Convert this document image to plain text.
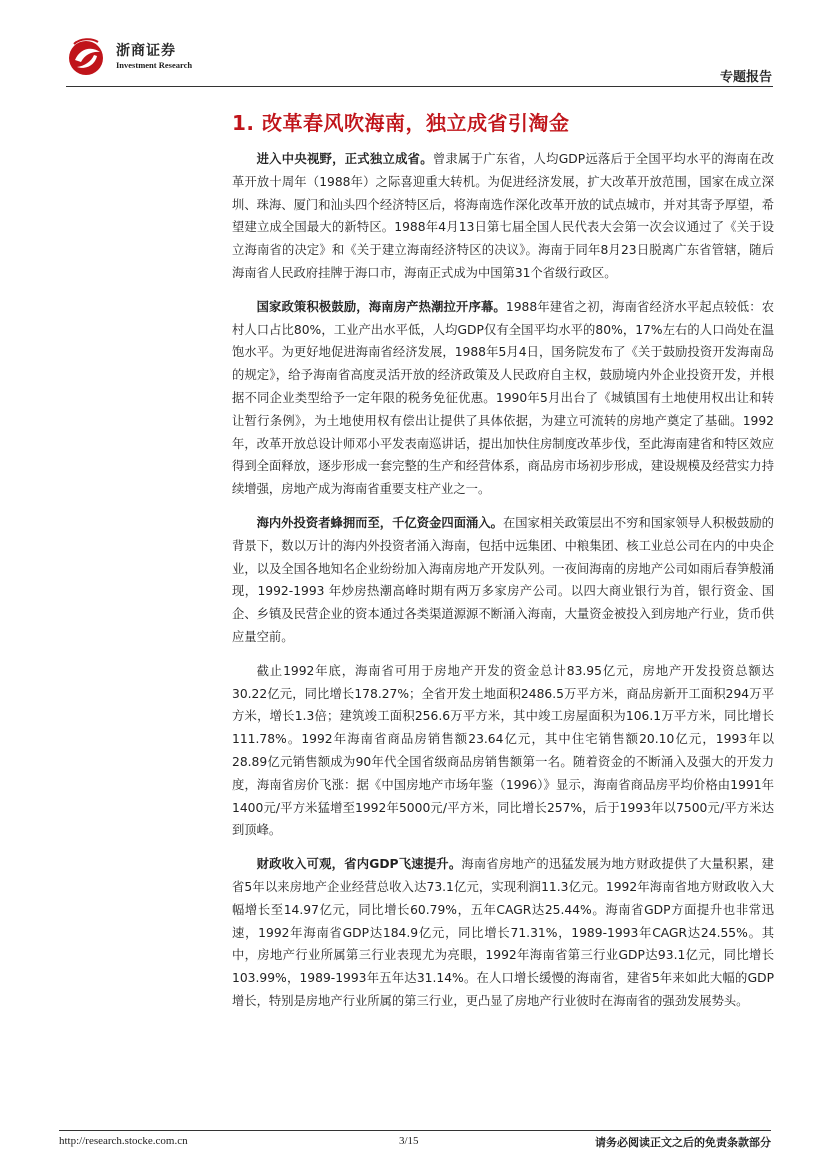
浙商证券
Investment Research
专题报告
1. 改革春风吹海南，独立成省引淘金

进入中央视野，正式独立成省。曾隶属于广东省，人均GDP远落后于全国平均水平的海南在改革开放十周年（1988年）之际喜迎重大转机。为促进经济发展，扩大改革开放范围，国家在成立深圳、珠海、厦门和汕头四个经济特区后，将海南选作深化改革开放的试点城市，并对其寄予厚望，希望建立成全国最大的新特区。1988年4月13日第七届全国人民代表大会第一次会议通过了《关于设立海南省的决定》和《关于建立海南经济特区的决议》。海南于同年8月23日脱离广东省管辖，随后海南省人民政府挂牌于海口市，海南正式成为中国第31个省级行政区。

国家政策积极鼓励，海南房产热潮拉开序幕。1988年建省之初，海南省经济水平起点较低：农村人口占比80%，工业产出水平低，人均GDP仅有全国平均水平的80%，17%左右的人口尚处在温饱水平。为更好地促进海南省经济发展，1988年5月4日，国务院发布了《关于鼓励投资开发海南岛的规定》，给予海南省高度灵活开放的经济政策及人民政府自主权，鼓励境内外企业投资开发，并根据不同企业类型给予一定年限的税务免征优惠。1990年5月出台了《城镇国有土地使用权出让和转让暂行条例》，为土地使用权有偿出让提供了具体依据，为建立可流转的房地产奠定了基础。1992年，改革开放总设计师邓小平发表南巡讲话，提出加快住房制度改革步伐，至此海南建省和特区效应得到全面释放，逐步形成一套完整的生产和经营体系，商品房市场初步形成，建设规模及经营实力持续增强，房地产成为海南省重要支柱产业之一。

海内外投资者蜂拥而至，千亿资金四面涌入。在国家相关政策层出不穷和国家领导人积极鼓励的背景下，数以万计的海内外投资者涌入海南，包括中远集团、中粮集团、核工业总公司在内的中央企业，以及全国各地知名企业纷纷加入海南房地产开发队列。一夜间海南的房地产公司如雨后春笋般涌现，1992-1993 年炒房热潮高峰时期有两万多家房产公司。以四大商业银行为首，银行资金、国企、乡镇及民营企业的资本通过各类渠道源源不断涌入海南，大量资金被投入到房地产行业，货币供应量空前。

截止1992年底，海南省可用于房地产开发的资金总计83.95亿元，房地产开发投资总额达30.22亿元，同比增长178.27%；全省开发土地面积2486.5万平方米，商品房新开工面积294万平方米，增长1.3倍；建筑竣工面积256.6万平方米，其中竣工房屋面积为106.1万平方米，同比增长111.78%。1992年海南省商品房销售额23.64亿元，其中住宅销售额20.10亿元，1993年以28.89亿元销售额成为90年代全国省级商品房销售额第一名。随着资金的不断涌入及强大的开发力度，海南省房价飞涨：据《中国房地产市场年鉴（1996）》显示，海南省商品房平均价格由1991年1400元/平方米猛增至1992年5000元/平方米，同比增长257%，后于1993年以7500元/平方米达到顶峰。

财政收入可观，省内GDP飞速提升。海南省房地产的迅猛发展为地方财政提供了大量积累，建省5年以来房地产企业经营总收入达73.1亿元，实现利润11.3亿元。1992年海南省地方财政收入大幅增长至14.97亿元，同比增长60.79%，五年CAGR达25.44%。海南省GDP方面提升也非常迅速，1992年海南省GDP达184.9亿元，同比增长71.31%，1989-1993年CAGR达24.55%。其中，房地产行业所属第三行业表现尤为亮眼，1992年海南省第三行业GDP达93.1亿元，同比增长103.99%，1989-1993年五年达31.14%。在人口增长缓慢的海南省，建省5年来如此大幅的GDP增长，特别是房地产行业所属的第三行业，更凸显了房地产行业彼时在海南省的强劲发展势头。

http://research.stocke.com.cn	3/15	请务必阅读正文之后的免责条款部分
